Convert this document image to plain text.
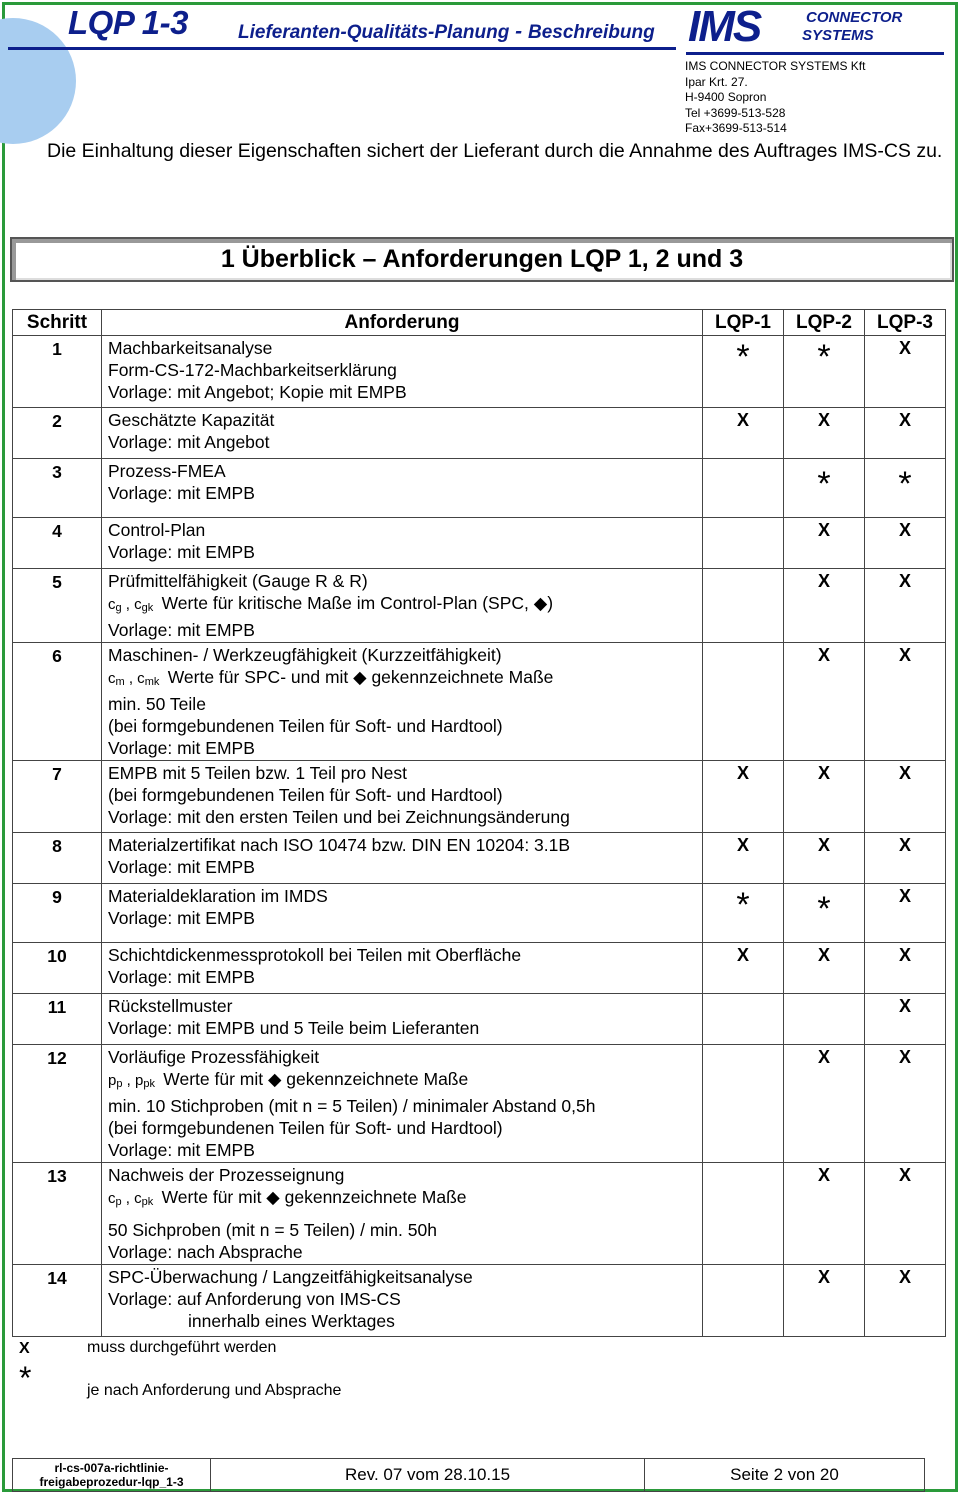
LQP 1-3	Lieferanten-Qualitäts-Planung - Beschreibung IMS	CONNECTOR
SYSTEMS
IMS CONNECTOR SYSTEMS Kft
Ipar Krt. 27.
H-9400 Sopron
Tel +3699-513-528
Fax+3699-513-514

Die Einhaltung dieser Eigenschaften sichert der Lieferant durch die Annahme des Auftrages IMS-CS zu.

1 Überblick – Anforderungen LQP 1, 2 und 3
Schritt	Anforderung	LQP-1	LQP-2	LQP-3
1	Machbarkeitsanalyse
Form-CS-172-Machbarkeitserklärung
Vorlage: mit Angebot; Kopie mit EMPB	*	*	X
2	Geschätzte Kapazität
Vorlage: mit Angebot	X	X	X
3	Prozess-FMEA
Vorlage: mit EMPB		*	*
4	Control-Plan
Vorlage: mit EMPB		X	X
5	Prüfmittelfähigkeit (Gauge R & R)
$c_g$ , $c_{gk}$ Werte für kritische Maße im Control-Plan (SPC, ◆)
Vorlage: mit EMPB		X	X
6	Maschinen- / Werkzeugfähigkeit (Kurzzeitfähigkeit)
$c_m$ , $c_{mk}$ Werte für SPC- und mit ◆ gekennzeichnete Maße
min. 50 Teile
(bei formgebundenen Teilen für Soft- und Hardtool)
Vorlage: mit EMPB		X	X
7	EMPB mit 5 Teilen bzw. 1 Teil pro Nest
(bei formgebundenen Teilen für Soft- und Hardtool)
Vorlage: mit den ersten Teilen und bei Zeichnungsänderung	X	X	X
8	Materialzertifikat nach ISO 10474 bzw. DIN EN 10204: 3.1B
Vorlage: mit EMPB	X	X	X
9	Materialdeklaration im IMDS
Vorlage: mit EMPB	*	*	X
10	Schichtdickenmessprotokoll bei Teilen mit Oberfläche
Vorlage: mit EMPB	X	X	X
11	Rückstellmuster
Vorlage: mit EMPB und 5 Teile beim Lieferanten			X
12	Vorläufige Prozessfähigkeit
$p_p$ , $p_{pk}$ Werte für mit ◆ gekennzeichnete Maße
min. 10 Stichproben (mit n = 5 Teilen) / minimaler Abstand 0,5h
(bei formgebundenen Teilen für Soft- und Hardtool)
Vorlage: mit EMPB		X	X
13	Nachweis der Prozesseignung
$c_p$ , $c_{pk}$ Werte für mit ◆ gekennzeichnete Maße
50 Sichproben (mit n = 5 Teilen) / min. 50h
Vorlage: nach Absprache		X	X
14	SPC-Überwachung / Langzeitfähigkeitsanalyse
Vorlage: auf Anforderung von IMS-CS
innerhalb eines Werktages		X	X
X	muss durchgeführt werden
*	je nach Anforderung und Absprache
rl-cs-007a-richtlinie-
freigabeprozedur-lqp_1-3	Rev. 07 vom 28.10.15	Seite 2 von 20
